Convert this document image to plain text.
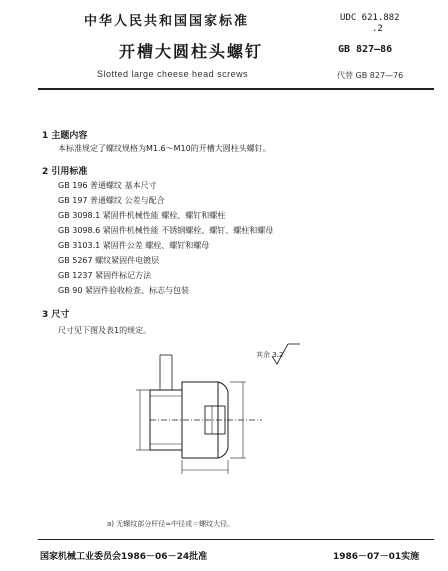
中华人民共和国国家标准	UDC 621.882
.2
开槽大圆柱头螺钉	GB 827—86
Slotted large cheese head screws	代替 GB 827—76
1 主题内容
本标准规定了螺纹规格为M1.6～M10的开槽大圆柱头螺钉。
2 引用标准
GB 196 普通螺纹 基本尺寸
GB 197 普通螺纹 公差与配合
GB 3098.1 紧固件机械性能 螺栓、螺钉和螺柱
GB 3098.6 紧固件机械性能 不锈钢螺栓、螺钉、螺柱和螺母
GB 3103.1 紧固件公差 螺栓、螺钉和螺母
GB 5267 螺纹紧固件电镀层
GB 1237 紧固件标记方法
GB 90 紧固件验收检查、标志与包装
3 尺寸
尺寸见下图及表1的规定。
其余 3.2
a) 无螺纹部分杆径≈中径或＝螺纹大径。
国家机械工业委员会1986－06－24批准	1986－07－01实施
